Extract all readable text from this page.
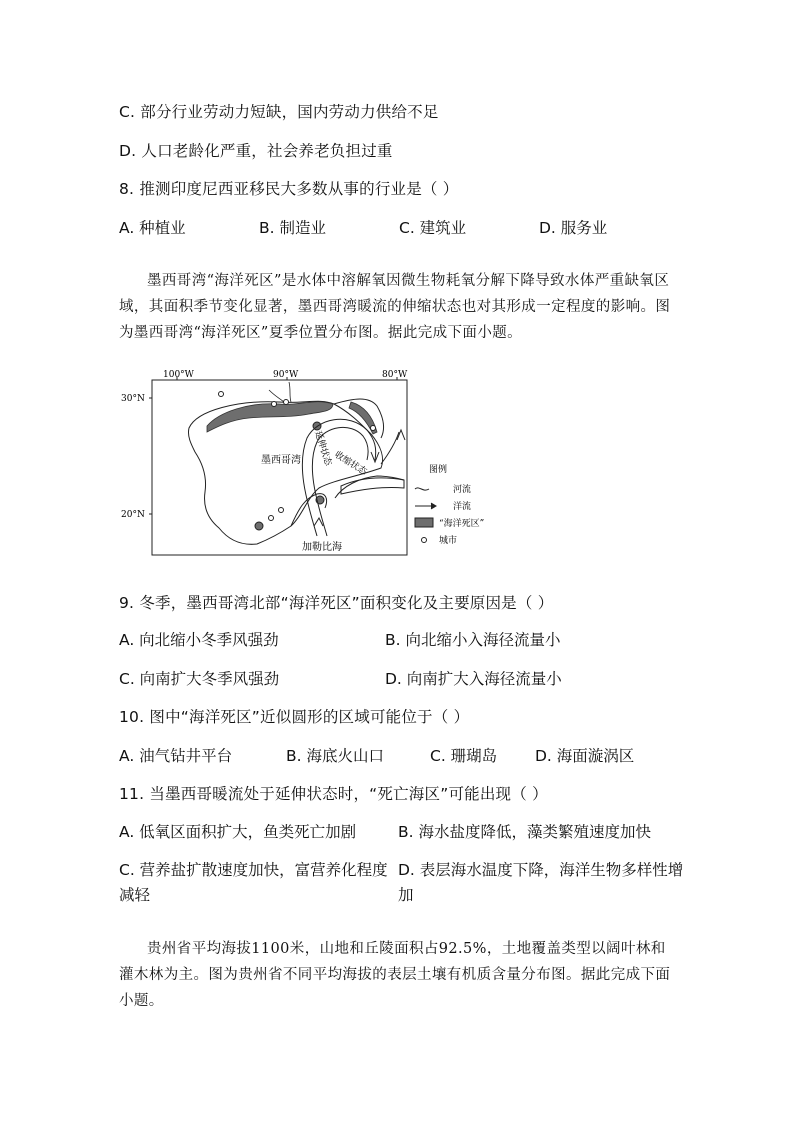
C. 部分行业劳动力短缺，国内劳动力供给不足
D. 人口老龄化严重，社会养老负担过重
8. 推测印度尼西亚移民大多数从事的行业是（ ）
A. 种植业	B. 制造业	C. 建筑业	D. 服务业
墨西哥湾“海洋死区”是水体中溶解氧因微生物耗氧分解下降导致水体严重缺氧区域，其面积季节变化显著，墨西哥湾暖流的伸缩状态也对其形成一定程度的影响。图为墨西哥湾“海洋死区”夏季位置分布图。据此完成下面小题。
100°W	90°W	80°W
30°N
20°N
延伸状态 收缩状态
墨西哥湾
加勒比海
图例
河流
洋流
“海洋死区”
城市
9. 冬季，墨西哥湾北部“海洋死区”面积变化及主要原因是（ ）
A. 向北缩小冬季风强劲	B. 向北缩小入海径流量小
C. 向南扩大冬季风强劲	D. 向南扩大入海径流量小
10. 图中“海洋死区”近似圆形的区域可能位于（ ）
A. 油气钻井平台	B. 海底火山口	C. 珊瑚岛 D. 海面漩涡区
11. 当墨西哥暖流处于延伸状态时，“死亡海区”可能出现（ ）
A. 低氧区面积扩大，鱼类死亡加剧	B. 海水盐度降低，藻类繁殖速度加快
C. 营养盐扩散速度加快，富营养化程度减轻
D. 表层海水温度下降，海洋生物多样性增加
贵州省平均海拔1100米，山地和丘陵面积占92.5%，土地覆盖类型以阔叶林和灌木林为主。图为贵州省不同平均海拔的表层土壤有机质含量分布图。据此完成下面小题。
